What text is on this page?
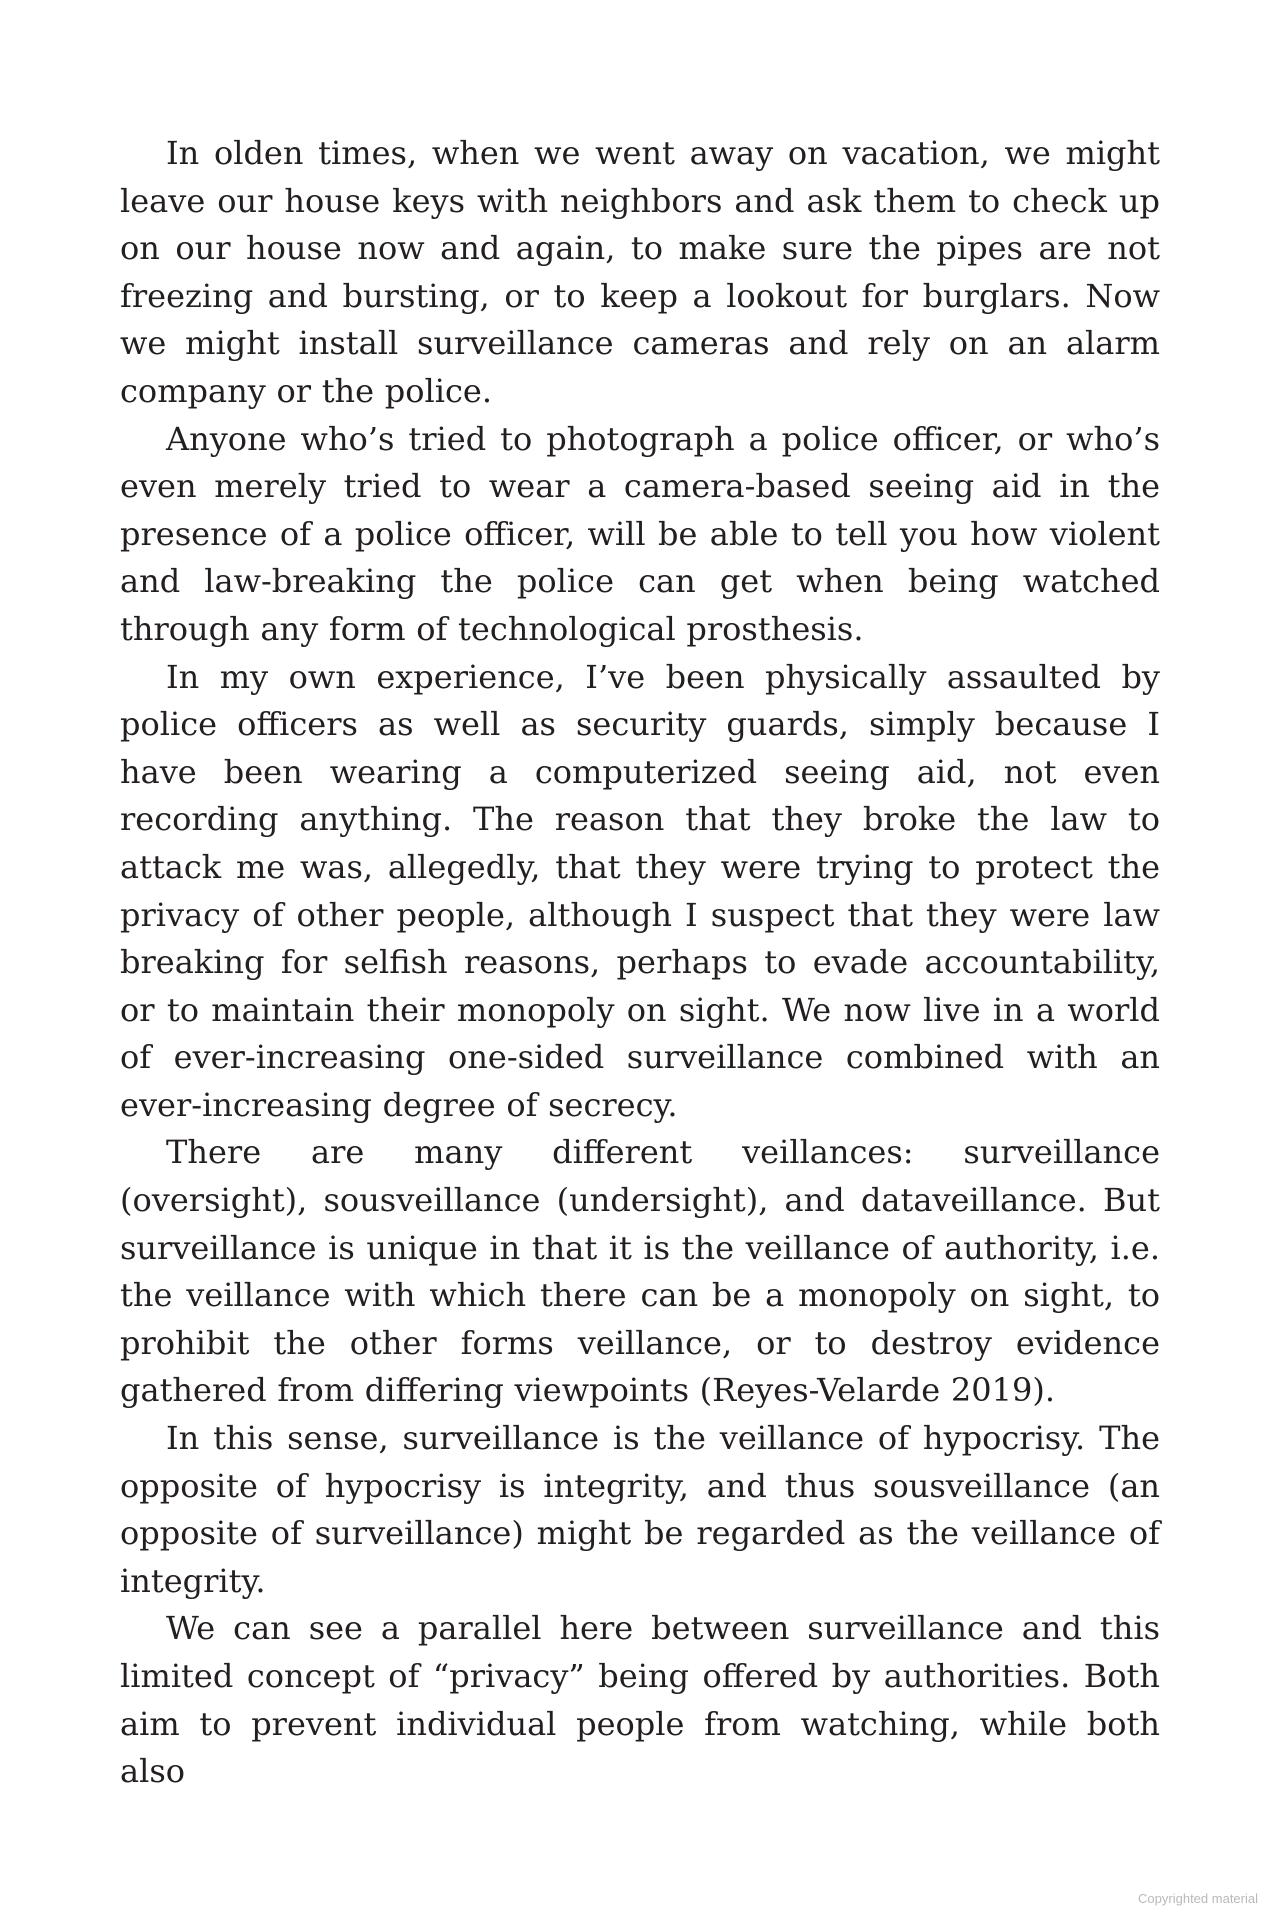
In olden times, when we went away on vacation, we might leave our house keys with neighbors and ask them to check up on our house now and again, to make sure the pipes are not freezing and bursting, or to keep a lookout for burglars. Now we might install surveillance cameras and rely on an alarm company or the police.

Anyone who’s tried to photograph a police officer, or who’s even merely tried to wear a camera-based seeing aid in the presence of a police officer, will be able to tell you how violent and law-breaking the police can get when being watched through any form of technological prosthesis.

In my own experience, I’ve been physically assaulted by police officers as well as security guards, simply because I have been wearing a computerized seeing aid, not even recording anything. The reason that they broke the law to attack me was, allegedly, that they were trying to protect the privacy of other people, although I suspect that they were law breaking for selfish reasons, perhaps to evade accountability, or to maintain their monopoly on sight. We now live in a world of ever-increasing one-sided surveillance combined with an ever-increasing degree of secrecy.

There are many different veillances: surveillance (oversight), sousveillance (undersight), and dataveillance. But surveillance is unique in that it is the veillance of authority, i.e. the veillance with which there can be a monopoly on sight, to prohibit the other forms veillance, or to destroy evidence gathered from differing viewpoints (Reyes-Velarde 2019).

In this sense, surveillance is the veillance of hypocrisy. The opposite of hypocrisy is integrity, and thus sousveillance (an opposite of surveillance) might be regarded as the veillance of integrity.

We can see a parallel here between surveillance and this limited concept of “privacy” being offered by authorities. Both aim to prevent individual people from watching, while both also

Copyrighted material
